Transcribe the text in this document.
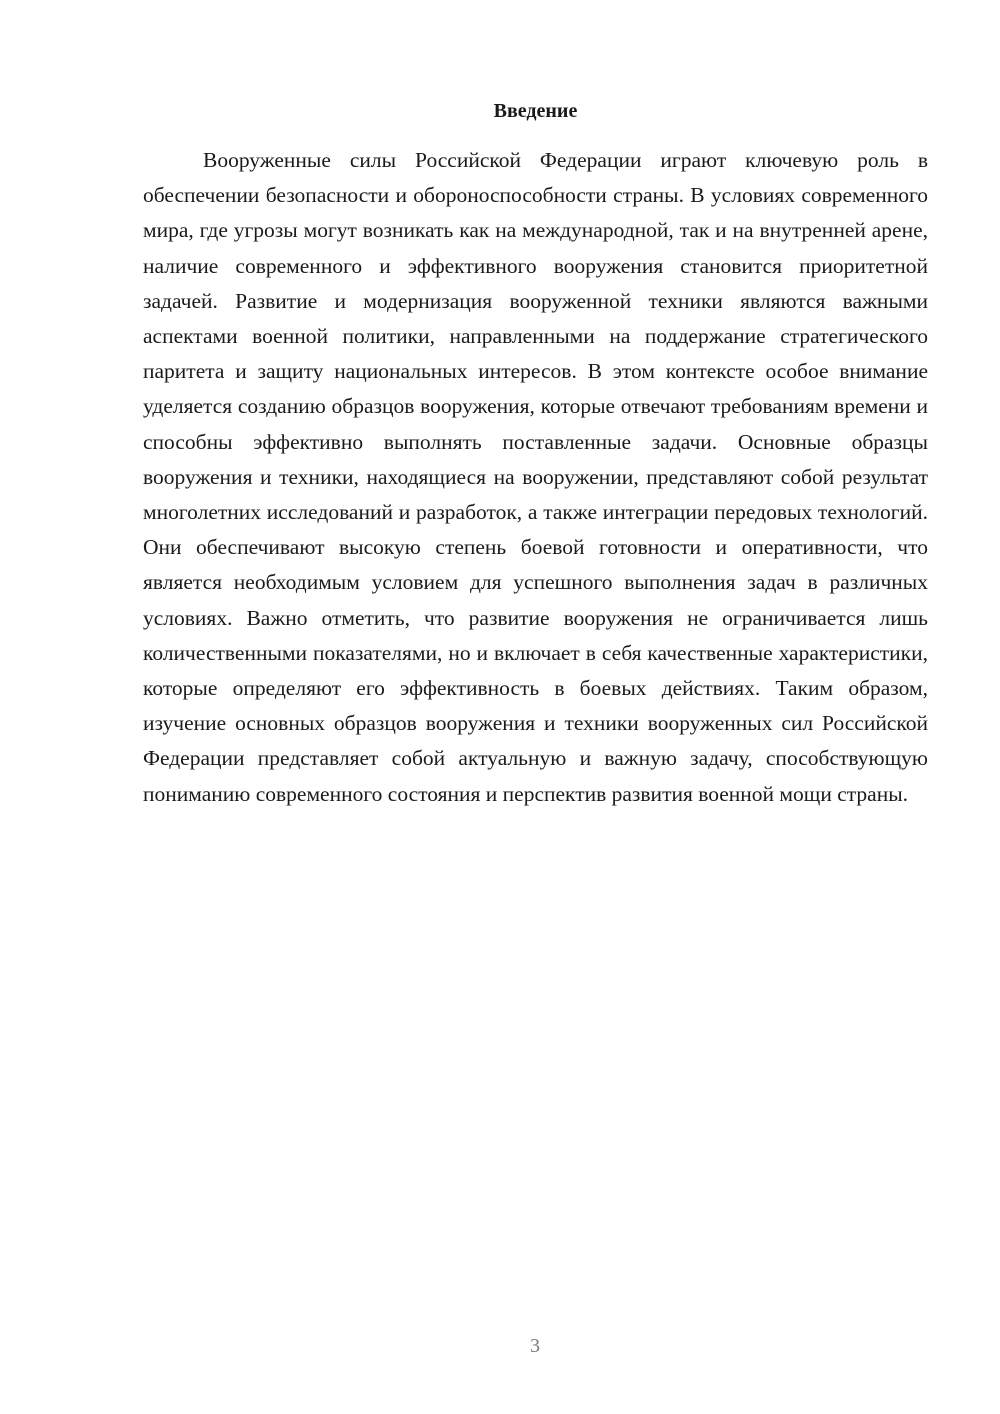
Введение

Вооруженные силы Российской Федерации играют ключевую роль в обеспечении безопасности и обороноспособности страны. В условиях современного мира, где угрозы могут возникать как на международной, так и на внутренней арене, наличие современного и эффективного вооружения становится приоритетной задачей. Развитие и модернизация вооруженной техники являются важными аспектами военной политики, направленными на поддержание стратегического паритета и защиту национальных интересов. В этом контексте особое внимание уделяется созданию образцов вооружения, которые отвечают требованиям времени и способны эффективно выполнять поставленные задачи. Основные образцы вооружения и техники, находящиеся на вооружении, представляют собой результат многолетних исследований и разработок, а также интеграции передовых технологий. Они обеспечивают высокую степень боевой готовности и оперативности, что является необходимым условием для успешного выполнения задач в различных условиях. Важно отметить, что развитие вооружения не ограничивается лишь количественными показателями, но и включает в себя качественные характеристики, которые определяют его эффективность в боевых действиях. Таким образом, изучение основных образцов вооружения и техники вооруженных сил Российской Федерации представляет собой актуальную и важную задачу, способствующую пониманию современного состояния и перспектив развития военной мощи страны.

3
